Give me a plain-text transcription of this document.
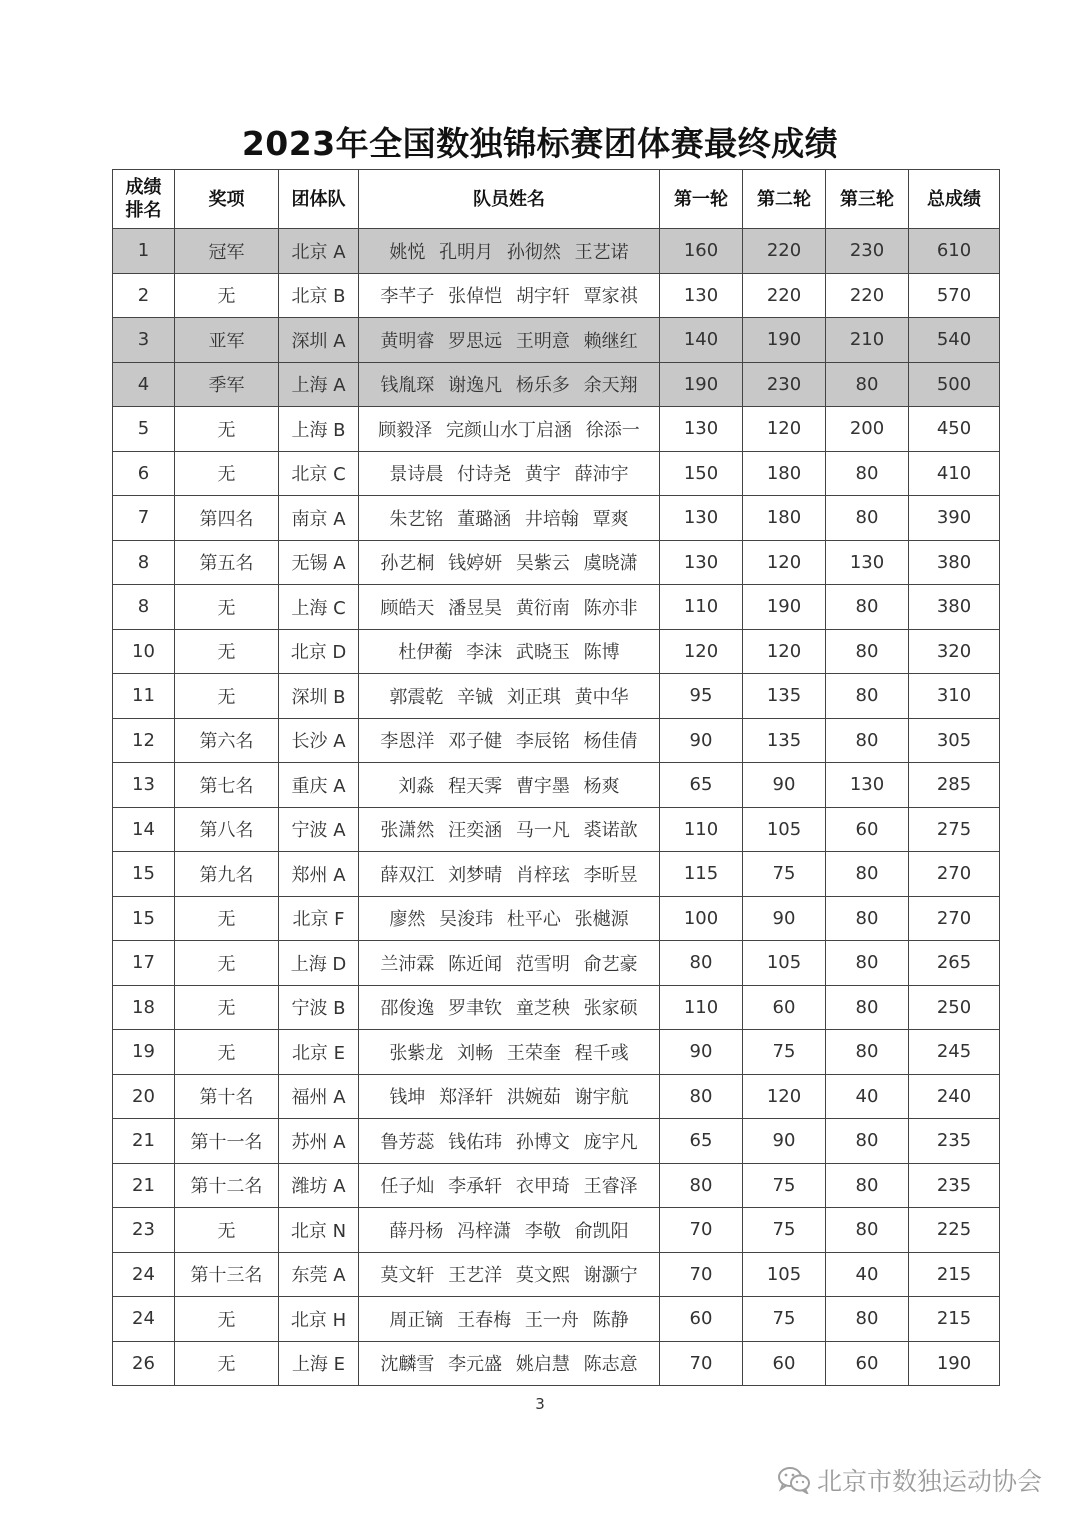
2023年全国数独锦标赛团体赛最终成绩
成绩
排名	奖项	团体队	队员姓名	第一轮	第二轮	第三轮	总成绩
1	冠军	北京 A	姚悦 孔明月 孙彻然 王艺诺	160	220	230	610
2	无	北京 B	李芊子 张倬恺 胡宇轩 覃家祺	130	220	220	570
3	亚军	深圳 A	黄明睿 罗思远 王明意 赖继红	140	190	210	540
4	季军	上海 A	钱胤琛 谢逸凡 杨乐多 余天翔	190	230	80	500
5	无	上海 B	顾毅泽 完颜山水丁启涵 徐添一	130	120	200	450
6	无	北京 C	景诗晨 付诗尧 黄宇 薛沛宇	150	180	80	410
7	第四名	南京 A	朱艺铭 董璐涵 井培翰 覃爽	130	180	80	390
8	第五名	无锡 A	孙艺桐 钱婷妍 吴紫云 虞晓潇	130	120	130	380
8	无	上海 C	顾皓天 潘昱昊 黄衍南 陈亦非	110	190	80	380
10	无	北京 D	杜伊蘅 李沫 武晓玉 陈博	120	120	80	320
11	无	深圳 B	郭震乾 辛铖 刘正琪 黄中华	95	135	80	310
12	第六名	长沙 A	李恩洋 邓子健 李辰铭 杨佳倩	90	135	80	305
13	第七名	重庆 A	刘淼 程天霁 曹宇墨 杨爽	65	90	130	285
14	第八名	宁波 A	张潇然 汪奕涵 马一凡 裘诺歆	110	105	60	275
15	第九名	郑州 A	薛双江 刘梦晴 肖梓玹 李昕昱	115	75	80	270
15	无	北京 F	廖然 吴浚玮 杜平心 张樾源	100	90	80	270
17	无	上海 D	兰沛霖 陈近闻 范雪明 俞艺豪	80	105	80	265
18	无	宁波 B	邵俊逸 罗聿钦 童芝秧 张家硕	110	60	80	250
19	无	北京 E	张紫龙 刘畅 王荣奎 程千彧	90	75	80	245
20	第十名	福州 A	钱坤 郑泽轩 洪婉茹 谢宇航	80	120	40	240
21	第十一名	苏州 A	鲁芳蕊 钱佑玮 孙博文 庞宇凡	65	90	80	235
21	第十二名	潍坊 A	任子灿 李承轩 衣甲琦 王睿泽	80	75	80	235
23	无	北京 N	薛丹杨 冯梓潇 李敬 俞凯阳	70	75	80	225
24	第十三名	东莞 A	莫文轩 王艺洋 莫文熙 谢灏宁	70	105	40	215
24	无	北京 H	周正镝 王春梅 王一舟 陈静	60	75	80	215
26	无	上海 E	沈麟雪 李元盛 姚启慧 陈志意	70	60	60	190
3
北京市数独运动协会
